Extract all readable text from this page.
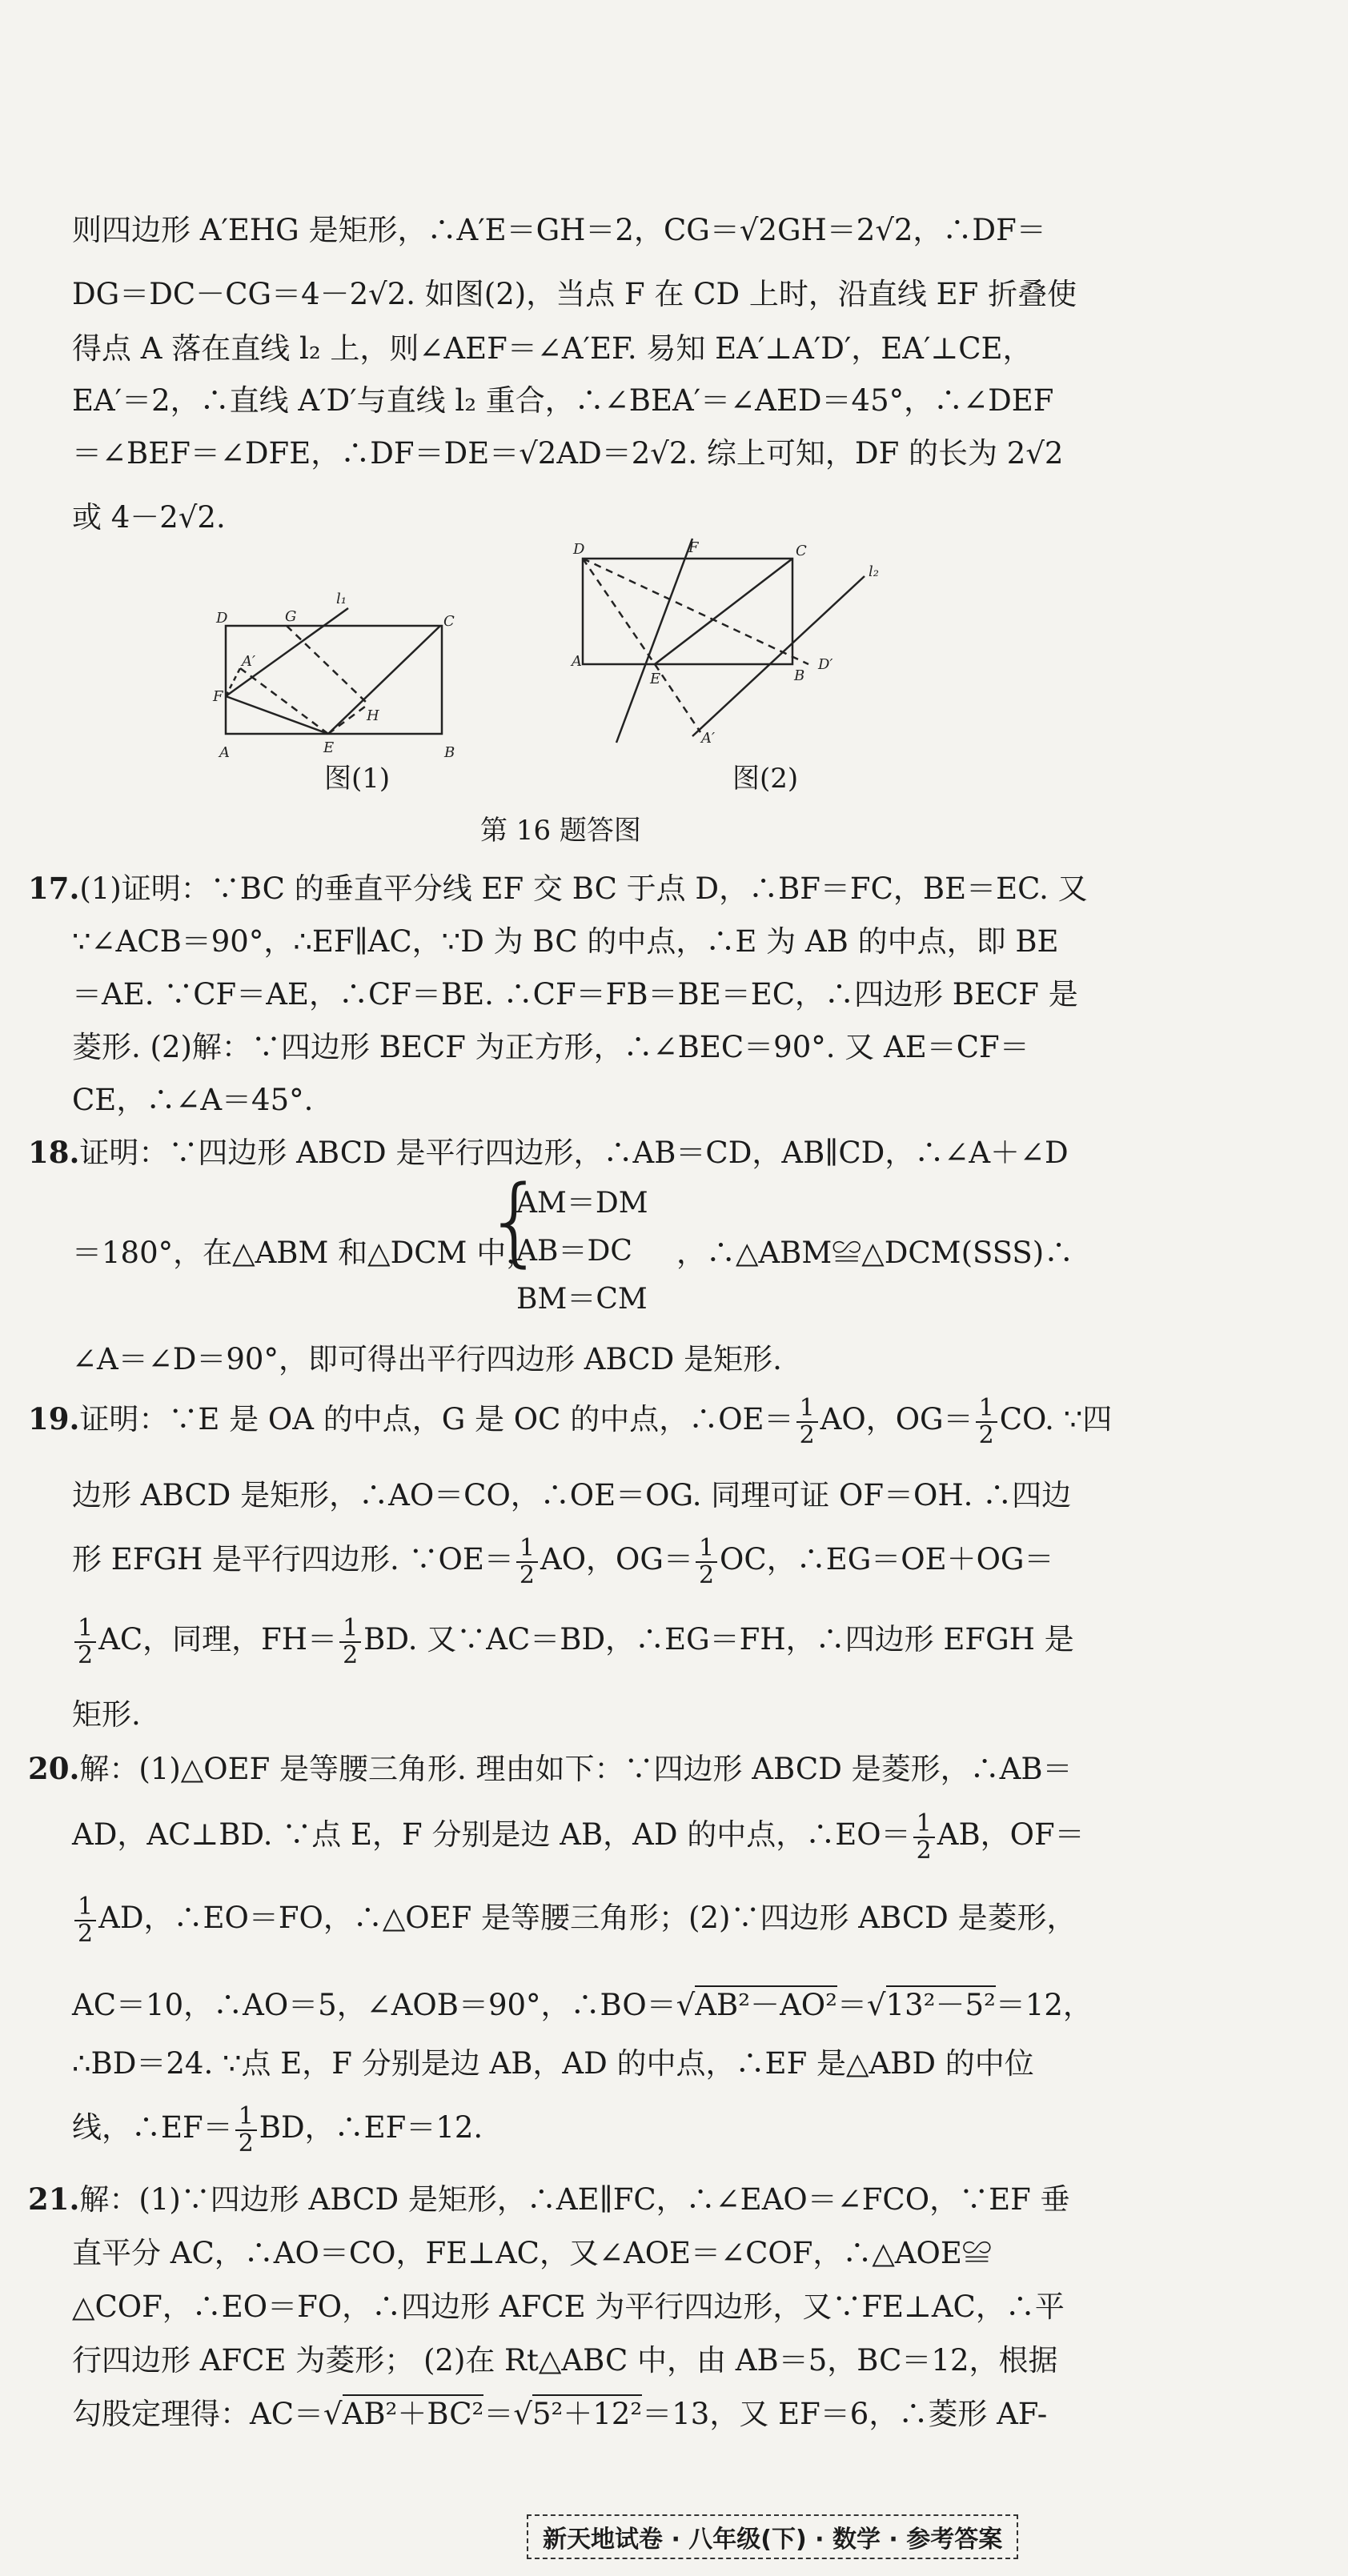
则四边形 A′EHG 是矩形，∴A′E＝GH＝2，CG＝√2GH＝2√2，∴DF＝
DG＝DC－CG＝4－2√2. 如图(2)，当点 F 在 CD 上时，沿直线 EF 折叠使
得点 A 落在直线 l₂ 上，则∠AEF＝∠A′EF. 易知 EA′⊥A′D′，EA′⊥CE，
EA′＝2，∴直线 A′D′与直线 l₂ 重合，∴∠BEA′＝∠AED＝45°，∴∠DEF
＝∠BEF＝∠DFE，∴DF＝DE＝√2AD＝2√2. 综上可知，DF 的长为 2√2
或 4－2√2.
A	B
C
D
E
F
G
H
A′
l₁
图(1)
A
B
C
D
E
F
D′
A′
l₂
图(2)
第 16 题答图
17.(1)证明：∵BC 的垂直平分线 EF 交 BC 于点 D，∴BF＝FC，BE＝EC. 又
∵∠ACB＝90°，∴EF∥AC，∵D 为 BC 的中点，∴E 为 AB 的中点，即 BE
＝AE. ∵CF＝AE，∴CF＝BE. ∴CF＝FB＝BE＝EC，∴四边形 BECF 是
菱形. (2)解：∵四边形 BECF 为正方形，∴∠BEC＝90°. 又 AE＝CF＝
CE，∴∠A＝45°.
18.证明：∵四边形 ABCD 是平行四边形，∴AB＝CD，AB∥CD，∴∠A＋∠D
＝180°，在△ABM 和△DCM 中，
{
AM＝DM
AB＝DC
BM＝CM
，∴△ABM≌△DCM(SSS)∴
∠A＝∠D＝90°，即可得出平行四边形 ABCD 是矩形.
19.证明：∵E 是 OA 的中点，G 是 OC 的中点，∴OE＝ $\frac{1}{2}$ AO，$OG= \frac{1}{2}$ CO. ∵四
边形 ABCD 是矩形，∴AO＝CO，∴OE＝OG. 同理可证 OF＝OH. ∴四边
形 EFGH 是平行四边形. ∵OE＝ $\frac{1}{2}$ AO，$OG= \frac{1}{2}$ OC，∴EG＝OE＋OG＝
$\frac{1}{2}$ AC，同理，$FH= \frac{1}{2}$ BD. 又∵AC＝BD，∴EG＝FH，∴四边形 EFGH 是
矩形.
20.解：(1)△OEF 是等腰三角形. 理由如下：∵四边形 ABCD 是菱形，∴AB＝
AD，AC⊥BD. ∵点 E，F 分别是边 AB，AD 的中点，∴EO＝ $\frac{1}{2}$ AB，OF＝
$\frac{1}{2}$ AD，∴EO＝FO，∴△OEF 是等腰三角形；(2)∵四边形 ABCD 是菱形，
AC＝10，∴AO＝5，∠AOB＝90°，∴BO＝√AB²－AO²＝√13²－5²＝12，
∴BD＝24. ∵点 E，F 分别是边 AB，AD 的中点，∴EF 是△ABD 的中位
线，∴EF＝ $\frac{1}{2}$ BD，∴EF＝12.
21.解：(1)∵四边形 ABCD 是矩形，∴AE∥FC，∴∠EAO＝∠FCO，∵EF 垂
直平分 AC，∴AO＝CO，FE⊥AC，又∠AOE＝∠COF，∴△AOE≌
△COF，∴EO＝FO，∴四边形 AFCE 为平行四边形，又∵FE⊥AC，∴平
行四边形 AFCE 为菱形； (2)在 Rt△ABC 中，由 AB＝5，BC＝12，根据
勾股定理得：AC＝√AB²＋BC²＝√5²＋12²＝13，又 EF＝6，∴菱形 AF-
新天地试卷 · 八年级(下) · 数学 · 参考答案
